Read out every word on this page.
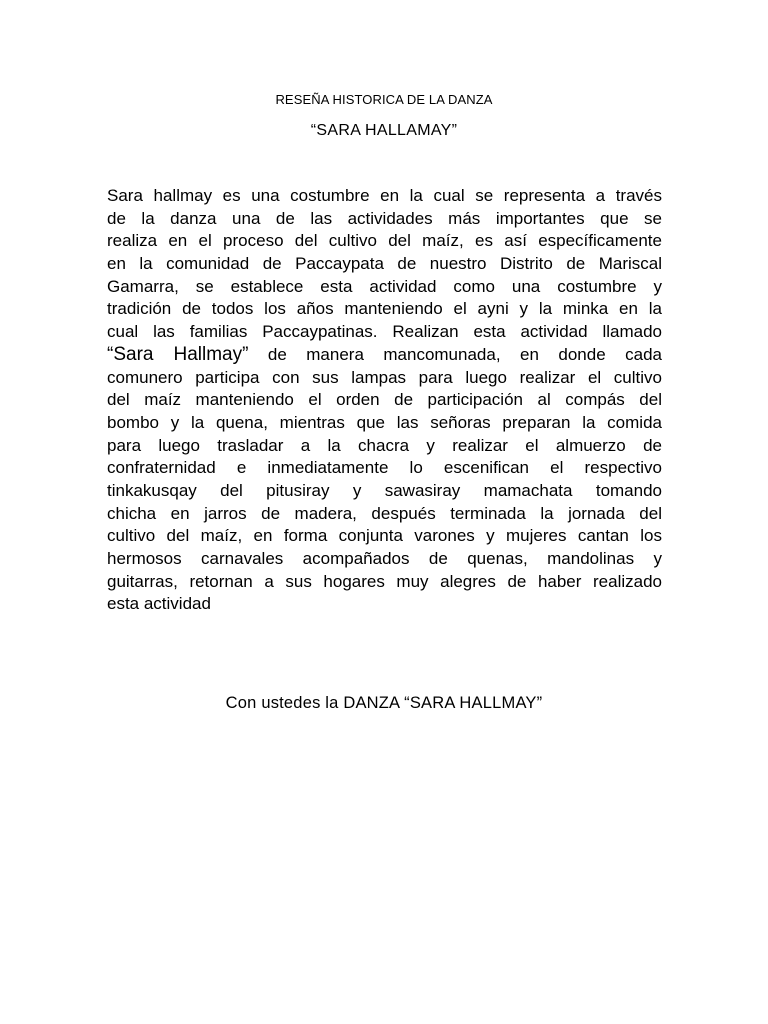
RESEÑA HISTORICA DE LA DANZA
“SARA HALLAMAY”
Sara hallmay es una costumbre en la cual se representa a través
de la danza una de las actividades más importantes que se
realiza en el proceso del cultivo del maíz, es así específicamente
en la comunidad de Paccaypata de nuestro Distrito de Mariscal
Gamarra, se establece esta actividad como una costumbre y
tradición de todos los años manteniendo el ayni y la minka en la
cual las familias Paccaypatinas. Realizan esta actividad llamado
“Sara Hallmay” de manera mancomunada, en donde cada
comunero participa con sus lampas para luego realizar el cultivo
del maíz manteniendo el orden de participación al compás del
bombo y la quena, mientras que las señoras preparan la comida
para luego trasladar a la chacra y realizar el almuerzo de
confraternidad e inmediatamente lo escenifican el respectivo
tinkakusqay del pitusiray y sawasiray mamachata tomando
chicha en jarros de madera, después terminada la jornada del
cultivo del maíz, en forma conjunta varones y mujeres cantan los
hermosos carnavales acompañados de quenas, mandolinas y
guitarras, retornan a sus hogares muy alegres de haber realizado
esta actividad
Con ustedes la DANZA “SARA HALLMAY”
